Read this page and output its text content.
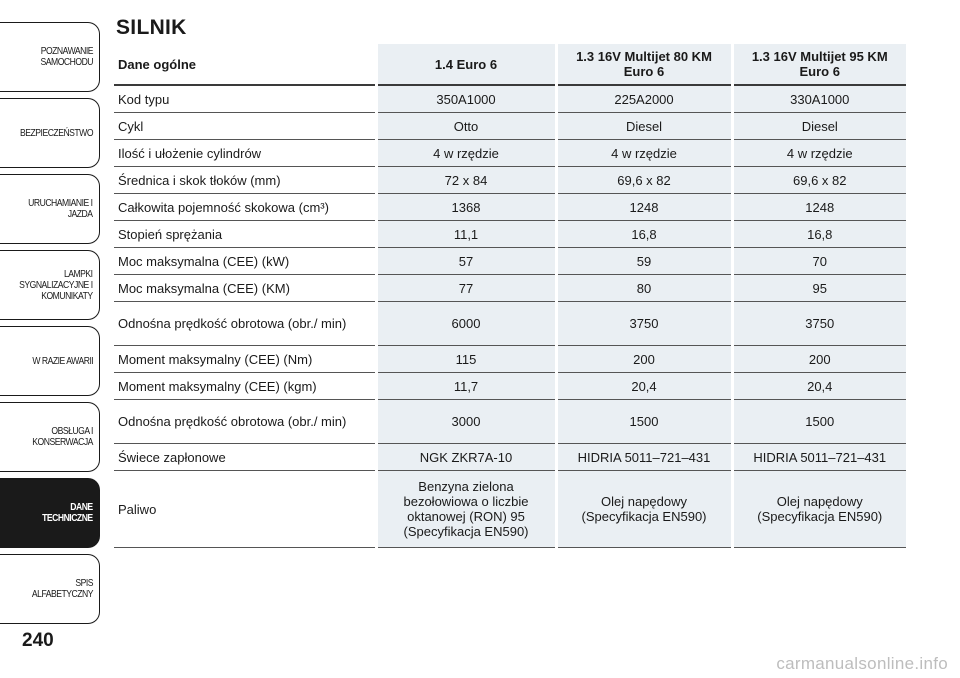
POZNAWANIE
SAMOCHODU
BEZPIECZEŃSTWO
URUCHAMIANIE I
JAZDA
LAMPKI
SYGNALIZACYJNE I
KOMUNIKATY
W RAZIE AWARII
OBSŁUGA I
KONSERWACJA
DANE
TECHNICZNE
SPIS ALFABETYCZNY
240
SILNIK
Dane ogólne	1.4 Euro 6	1.3 16V Multijet 80 KM Euro 6	1.3 16V Multijet 95 KM Euro 6
Kod typu	350A1000	225A2000	330A1000
Cykl	Otto	Diesel	Diesel
Ilość i ułożenie cylindrów	4 w rzędzie	4 w rzędzie	4 w rzędzie
Średnica i skok tłoków (mm)	72 x 84	69,6 x 82	69,6 x 82
Całkowita pojemność skokowa (cm³)	1368	1248	1248
Stopień sprężania	11,1	16,8	16,8
Moc maksymalna (CEE) (kW)	57	59	70
Moc maksymalna (CEE) (KM)	77	80	95
Odnośna prędkość obrotowa (obr./ min)	6000	3750	3750
Moment maksymalny (CEE) (Nm)	115	200	200
Moment maksymalny (CEE) (kgm)	11,7	20,4	20,4
Odnośna prędkość obrotowa (obr./ min)	3000	1500	1500
Świece zapłonowe	NGK ZKR7A-10	HIDRIA 5011–721–431	HIDRIA 5011–721–431
Paliwo	Benzyna zielona bezołowiowa o liczbie oktanowej (RON) 95 (Specyfikacja EN590)	Olej napędowy (Specyfikacja EN590)	Olej napędowy (Specyfikacja EN590)
carmanualsonline.info
